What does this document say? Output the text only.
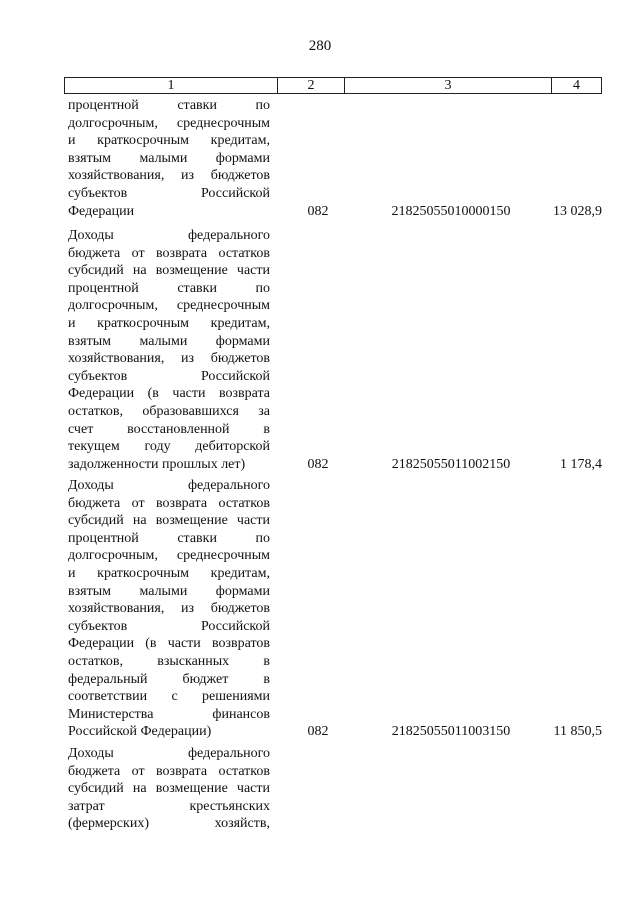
280
1	2	3	4
процентной ставки по
долгосрочным, среднесрочным
и краткосрочным кредитам,
взятым малыми формами
хозяйствования, из бюджетов
субъектов Российской
Федерации	082	21825055010000150	13 028,9
Доходы федерального
бюджета от возврата остатков
субсидий на возмещение части
процентной ставки по
долгосрочным, среднесрочным
и краткосрочным кредитам,
взятым малыми формами
хозяйствования, из бюджетов
субъектов Российской
Федерации (в части возврата
остатков, образовавшихся за
счет восстановленной в
текущем году дебиторской
задолженности прошлых лет)	082	21825055011002150	1 178,4
Доходы федерального
бюджета от возврата остатков
субсидий на возмещение части
процентной ставки по
долгосрочным, среднесрочным
и краткосрочным кредитам,
взятым малыми формами
хозяйствования, из бюджетов
субъектов Российской
Федерации (в части возвратов
остатков, взысканных в
федеральный бюджет в
соответствии с решениями
Министерства финансов
Российской Федерации)	082	21825055011003150	11 850,5
Доходы федерального
бюджета от возврата остатков
субсидий на возмещение части
затрат крестьянских
(фермерских) хозяйств,
